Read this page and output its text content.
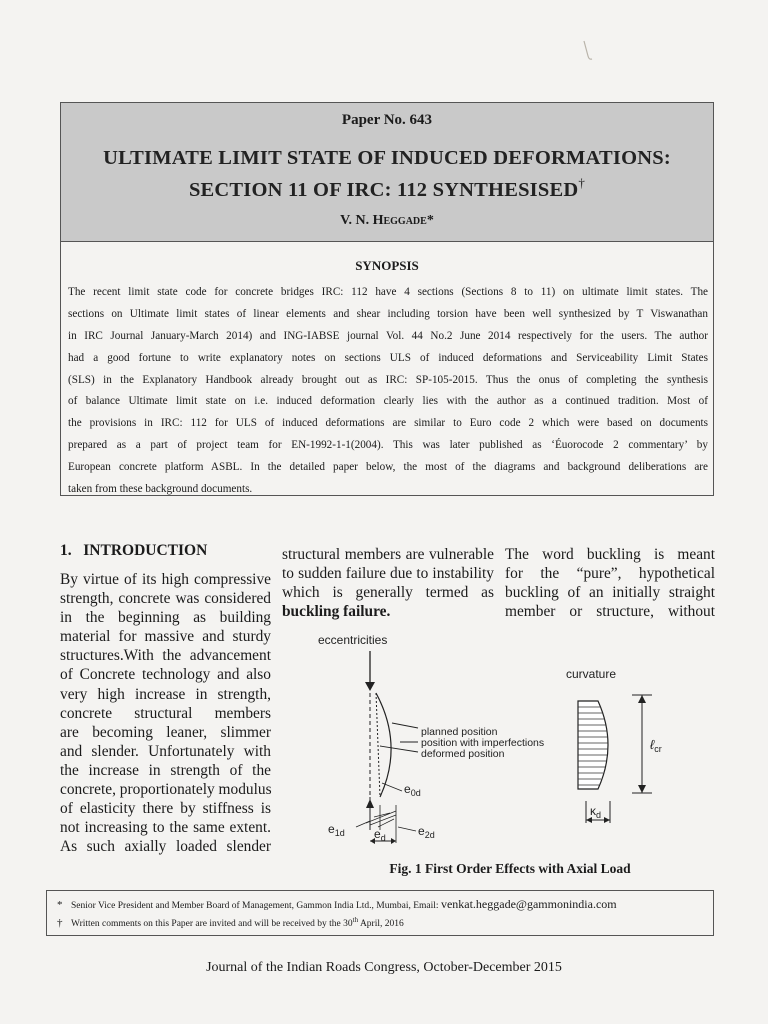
Paper No. 643
ULTIMATE LIMIT STATE OF INDUCED DEFORMATIONS:
SECTION 11 OF IRC: 112 SYNTHESISED†
V. N. Heggade*
SYNOPSIS
The recent limit state code for concrete bridges IRC: 112 have 4 sections (Sections 8 to 11) on ultimate limit states. The
sections on Ultimate limit states of linear elements and shear including torsion have been well synthesized by T Viswanathan
in IRC Journal January-March 2014) and ING-IABSE journal Vol. 44 No.2 June 2014 respectively for the users. The author
had a good fortune to write explanatory notes on sections ULS of induced deformations and Serviceability Limit States
(SLS) in the Explanatory Handbook already brought out as IRC: SP-105-2015. Thus the onus of completing the synthesis
of balance Ultimate limit state on i.e. induced deformation clearly lies with the author as a continued tradition. Most of
the provisions in IRC: 112 for ULS of induced deformations are similar to Euro code 2 which were based on documents
prepared as a part of project team for EN-1992-1-1(2004). This was later published as ‘Éuorocode 2 commentary’ by
European concrete platform ASBL. In the detailed paper below, the most of the diagrams and background deliberations are
taken from these background documents.
1.   INTRODUCTION
By virtue of its high compressive
strength, concrete was considered
in the beginning as building
material for massive and sturdy
structures.With the advancement
of Concrete technology and also
very high increase in strength,
concrete structural members
are becoming leaner, slimmer
and slender. Unfortunately with
the increase in strength of the
concrete, proportionately modulus
of elasticity there by stiffness is
not increasing to the same extent.
As such axially loaded slender
structural members are vulnerable
to sudden failure due to instability
which is generally termed as
buckling failure.
The word buckling is meant
for the “pure”, hypothetical
buckling of an initially straight
member or structure, without
eccentricities
planned position
position with imperfections
deformed position
$e_{0d}$
$e_{1d}$ $e_d$	$e_{2d}$
curvature
ℓ$_{cr}$
$\kappa_d$
Fig. 1 First Order Effects with Axial Load
* Senior Vice President and Member Board of Management, Gammon India Ltd., Mumbai, Email: venkat.heggade@gammonindia.com
† Written comments on this Paper are invited and will be received by the 30th April, 2016
Journal of the Indian Roads Congress, October-December 2015
